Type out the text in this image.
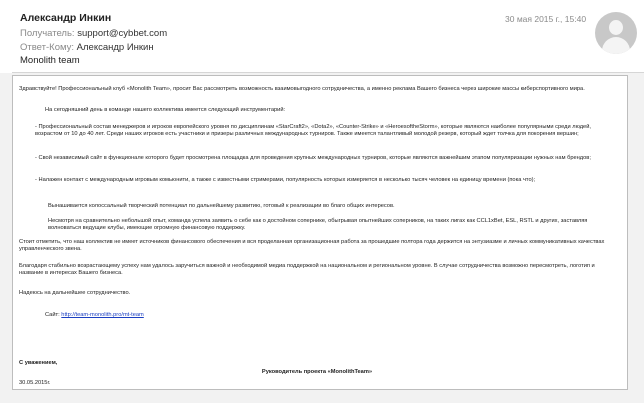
Александр Инкин	30 мая 2015 г., 15:40
Получатель: support@cybbet.com
Ответ-Кому: Александр Инкин
Monolith team

Здравствуйте! Профессиональный клуб «Monolith Team», просит Вас рассмотреть возможность взаимовыгодного сотрудничества, а именно реклама Вашего бизнеса через широкие массы киберспортивного мира.

На сегодняшний день в команде нашего коллектива имеется следующий инструментарий:

- Профессиональный состав менеджеров и игроков европейского уровня по дисциплинам «StarCraft2», «Dota2», «Counter-Strike» и «HeroesoftheStorm», которые являются наиболее популярными среди людей, возрастом от 10 до 40 лет. Среди наших игроков есть участники и призеры различных международных турниров. Также имеется талантливый молодой резерв, который ждет толчка для покорения вершин;

- Свой независимый сайт в функционале которого будет просмотрена площадка для проведения крупных международных турниров, которые являются важнейшим этапом популяризации нужных нам брендов;

- Налажен контакт с международным игровым комьюнити, а также с известными стримерами, популярность которых измеряется в несколько тысяч человек на единицу времени (пока что);

Вынашивается колоссальный творческий потенциал по дальнейшему развитию, готовый к реализации во благо общих интересов.

Несмотря на сравнительно небольшой опыт, команда успела заявить о себе как о достойном сопернике, обыгрывая опытнейших соперников, на таких лигах как CCL1xBet, ESL, RSTL и других, заставляя волноваться ведущие клубы, имеющие огромную финансовую поддержку.

Стоит отметить, что наш коллектив не имеет источников финансового обеспечения и вся проделанная организационная работа за прошедшие полтора года держится на энтузиазме и личных коммуникативных качествах управленческого звена.

Благодаря стабильно возрастающему успеху нам удалось заручиться важной и необходимой медиа поддержкой на национальном и региональном уровне. В случае сотрудничества возможно пересмотреть, логотип и название в интересах Вашего бизнеса.

Надеюсь на дальнейшее сотрудничество.

Сайт: http://team-monolith.pro/mt-team

С уважением,

Руководитель проекта «MonolithTeam»

30.05.2015г.
